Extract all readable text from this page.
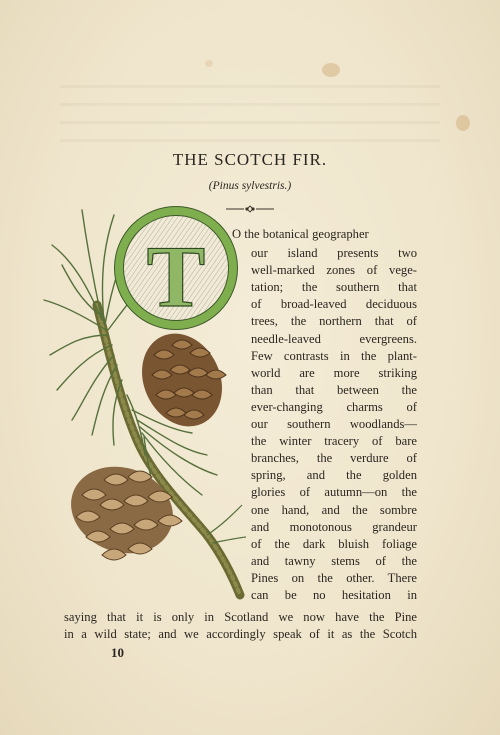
THE SCOTCH FIR.
(Pinus sylvestris.)
T O the botanical geographer
our island presents two
well-marked zones of vege-
tation; the southern that
of broad-leaved deciduous
trees, the northern that of
needle-leaved evergreens.
Few contrasts in the plant-
world are more striking
than that between the
ever-changing charms of
our southern woodlands—
the winter tracery of bare
branches, the verdure of
spring, and the golden
glories of autumn—on the
one hand, and the sombre
and monotonous grandeur
of the dark bluish foliage
and tawny stems of the
Pines on the other. There
can be no hesitation in
saying that it is only in Scotland we now have the Pine
in a wild state; and we accordingly speak of it as the Scotch
10
